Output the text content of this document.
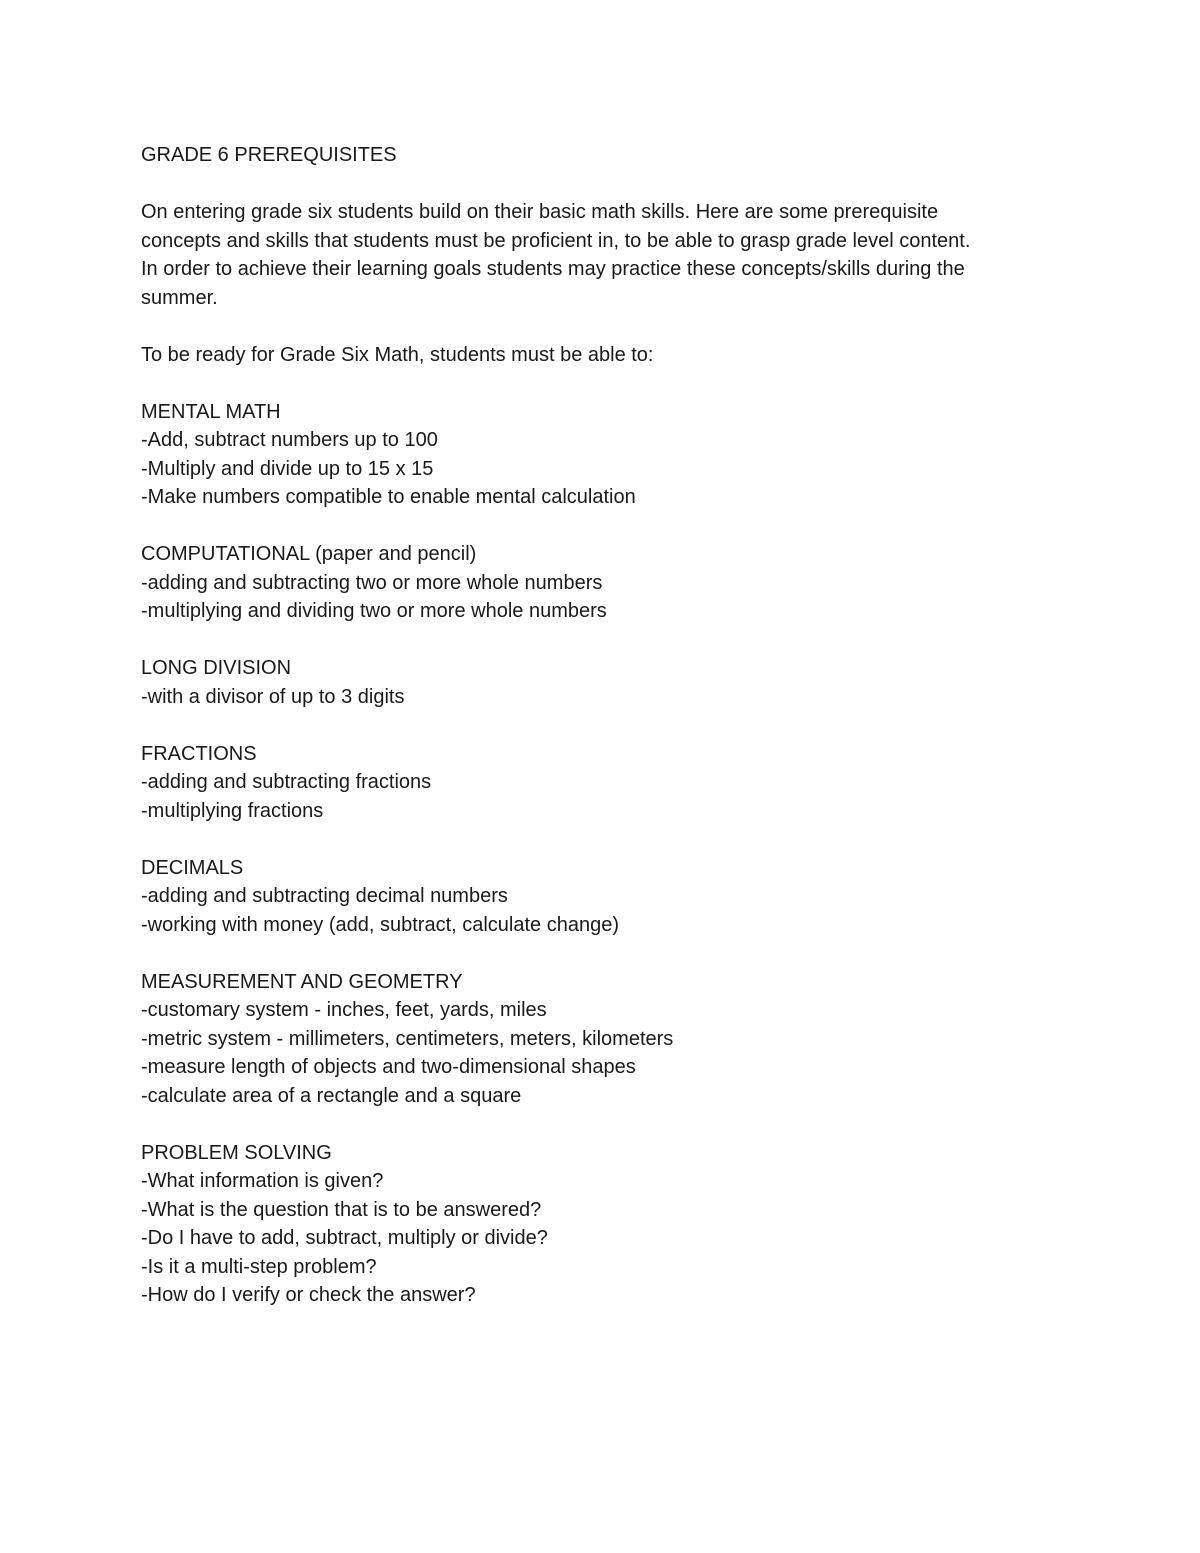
GRADE 6 PREREQUISITES

On entering grade six students build on their basic math skills. Here are some prerequisite

concepts and skills that students must be proficient in, to be able to grasp grade level content.

In order to achieve their learning goals students may practice these concepts/skills during the

summer.

To be ready for Grade Six Math, students must be able to:

MENTAL MATH

-Add, subtract numbers up to 100
-Multiply and divide up to 15 x 15
-Make numbers compatible to enable mental calculation

COMPUTATIONAL (paper and pencil)

-adding and subtracting two or more whole numbers
-multiplying and dividing two or more whole numbers

LONG DIVISION

-with a divisor of up to 3 digits

FRACTIONS

-adding and subtracting fractions
-multiplying fractions

DECIMALS

-adding and subtracting decimal numbers
-working with money (add, subtract, calculate change)

MEASUREMENT AND GEOMETRY

-customary system - inches, feet, yards, miles
-metric system - millimeters, centimeters, meters, kilometers
-measure length of objects and two-dimensional shapes
-calculate area of a rectangle and a square

PROBLEM SOLVING

-What information is given?
-What is the question that is to be answered?
-Do I have to add, subtract, multiply or divide?
-Is it a multi-step problem?
-How do I verify or check the answer?
